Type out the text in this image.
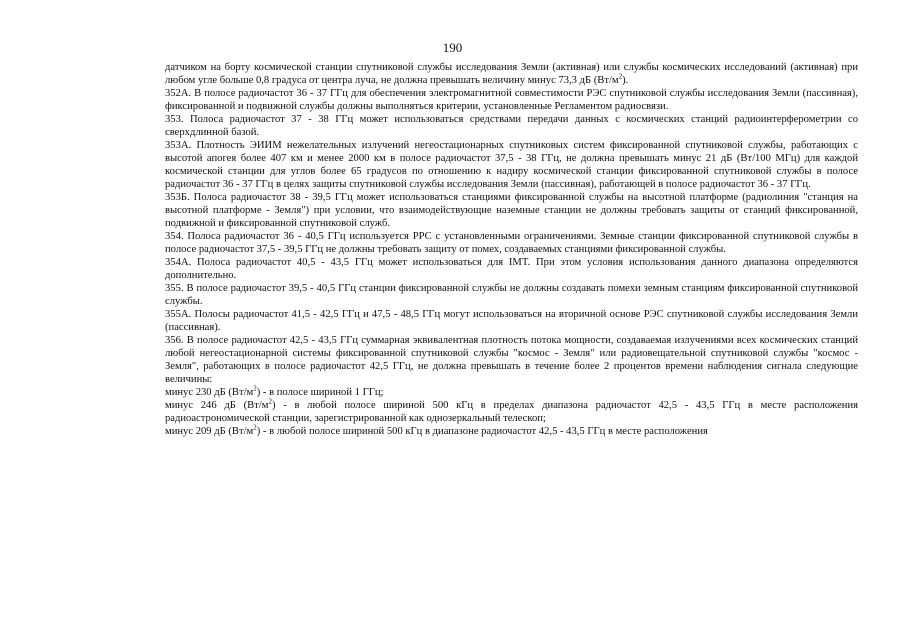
190

датчиком на борту космической станции спутниковой службы исследования Земли (активная) или службы космических исследований (активная) при любом угле больше 0,8 градуса от центра луча, не должна превышать величину минус 73,3 дБ $(Вт/м^2)$.

352А. В полосе радиочастот 36 - 37 ГГц для обеспечения электромагнитной совместимости РЭС спутниковой службы исследования Земли (пассивная), фиксированной и подвижной службы должны выполняться критерии, установленные Регламентом радиосвязи.

353. Полоса радиочастот 37 - 38 ГГц может использоваться средствами передачи данных с космических станций радиоинтерферометрии со сверхдлинной базой.

353А. Плотность ЭИИМ нежелательных излучений негеостационарных спутниковых систем фиксированной спутниковой службы, работающих с высотой апогея более 407 км и менее 2000 км в полосе радиочастот 37,5 - 38 ГГц, не должна превышать минус 21 дБ (Вт/100 МГц) для каждой космической станции для углов более 65 градусов по отношению к надиру космической станции фиксированной спутниковой службы в полосе радиочастот 36 - 37 ГГц в целях защиты спутниковой службы исследования Земли (пассивная), работающей в полосе радиочастот 36 - 37 ГГц.

353Б. Полоса радиочастот 38 - 39,5 ГГц может использоваться станциями фиксированной службы на высотной платформе (радиолиния "станция на высотной платформе - Земля") при условии, что взаимодействующие наземные станции не должны требовать защиты от станций фиксированной, подвижной и фиксированной спутниковой служб.

354. Полоса радиочастот 36 - 40,5 ГГц используется РРС с установленными ограничениями. Земные станции фиксированной спутниковой службы в полосе радиочастот 37,5 - 39,5 ГГц не должны требовать защиту от помех, создаваемых станциями фиксированной службы.

354А. Полоса радиочастот 40,5 - 43,5 ГГц может использоваться для IMT. При этом условия использования данного диапазона определяются дополнительно.

355. В полосе радиочастот 39,5 - 40,5 ГГц станции фиксированной службы не должны создавать помехи земным станциям фиксированной спутниковой службы.

355А. Полосы радиочастот 41,5 - 42,5 ГГц и 47,5 - 48,5 ГГц могут использоваться на вторичной основе РЭС спутниковой службы исследования Земли (пассивная).

356. В полосе радиочастот 42,5 - 43,5 ГГц суммарная эквивалентная плотность потока мощности, создаваемая излучениями всех космических станций любой негеостационарной системы фиксированной спутниковой службы "космос - Земля" или радиовещательной спутниковой службы "космос - Земля", работающих в полосе радиочастот 42,5 ГГц, не должна превышать в течение более 2 процентов времени наблюдения сигнала следующие величины:

минус 230 дБ $(Вт/м^2)$ - в полосе шириной 1 ГГц;

минус 246 дБ $(Вт/м^2)$ - в любой полосе шириной 500 кГц в пределах диапазона радиочастот 42,5 - 43,5 ГГц в месте расположения радиоастрономической станции, зарегистрированной как однозеркальный телескоп;

минус 209 дБ $(Вт/м^2)$ - в любой полосе шириной 500 кГц в диапазоне радиочастот 42,5 - 43,5 ГГц в месте расположения
